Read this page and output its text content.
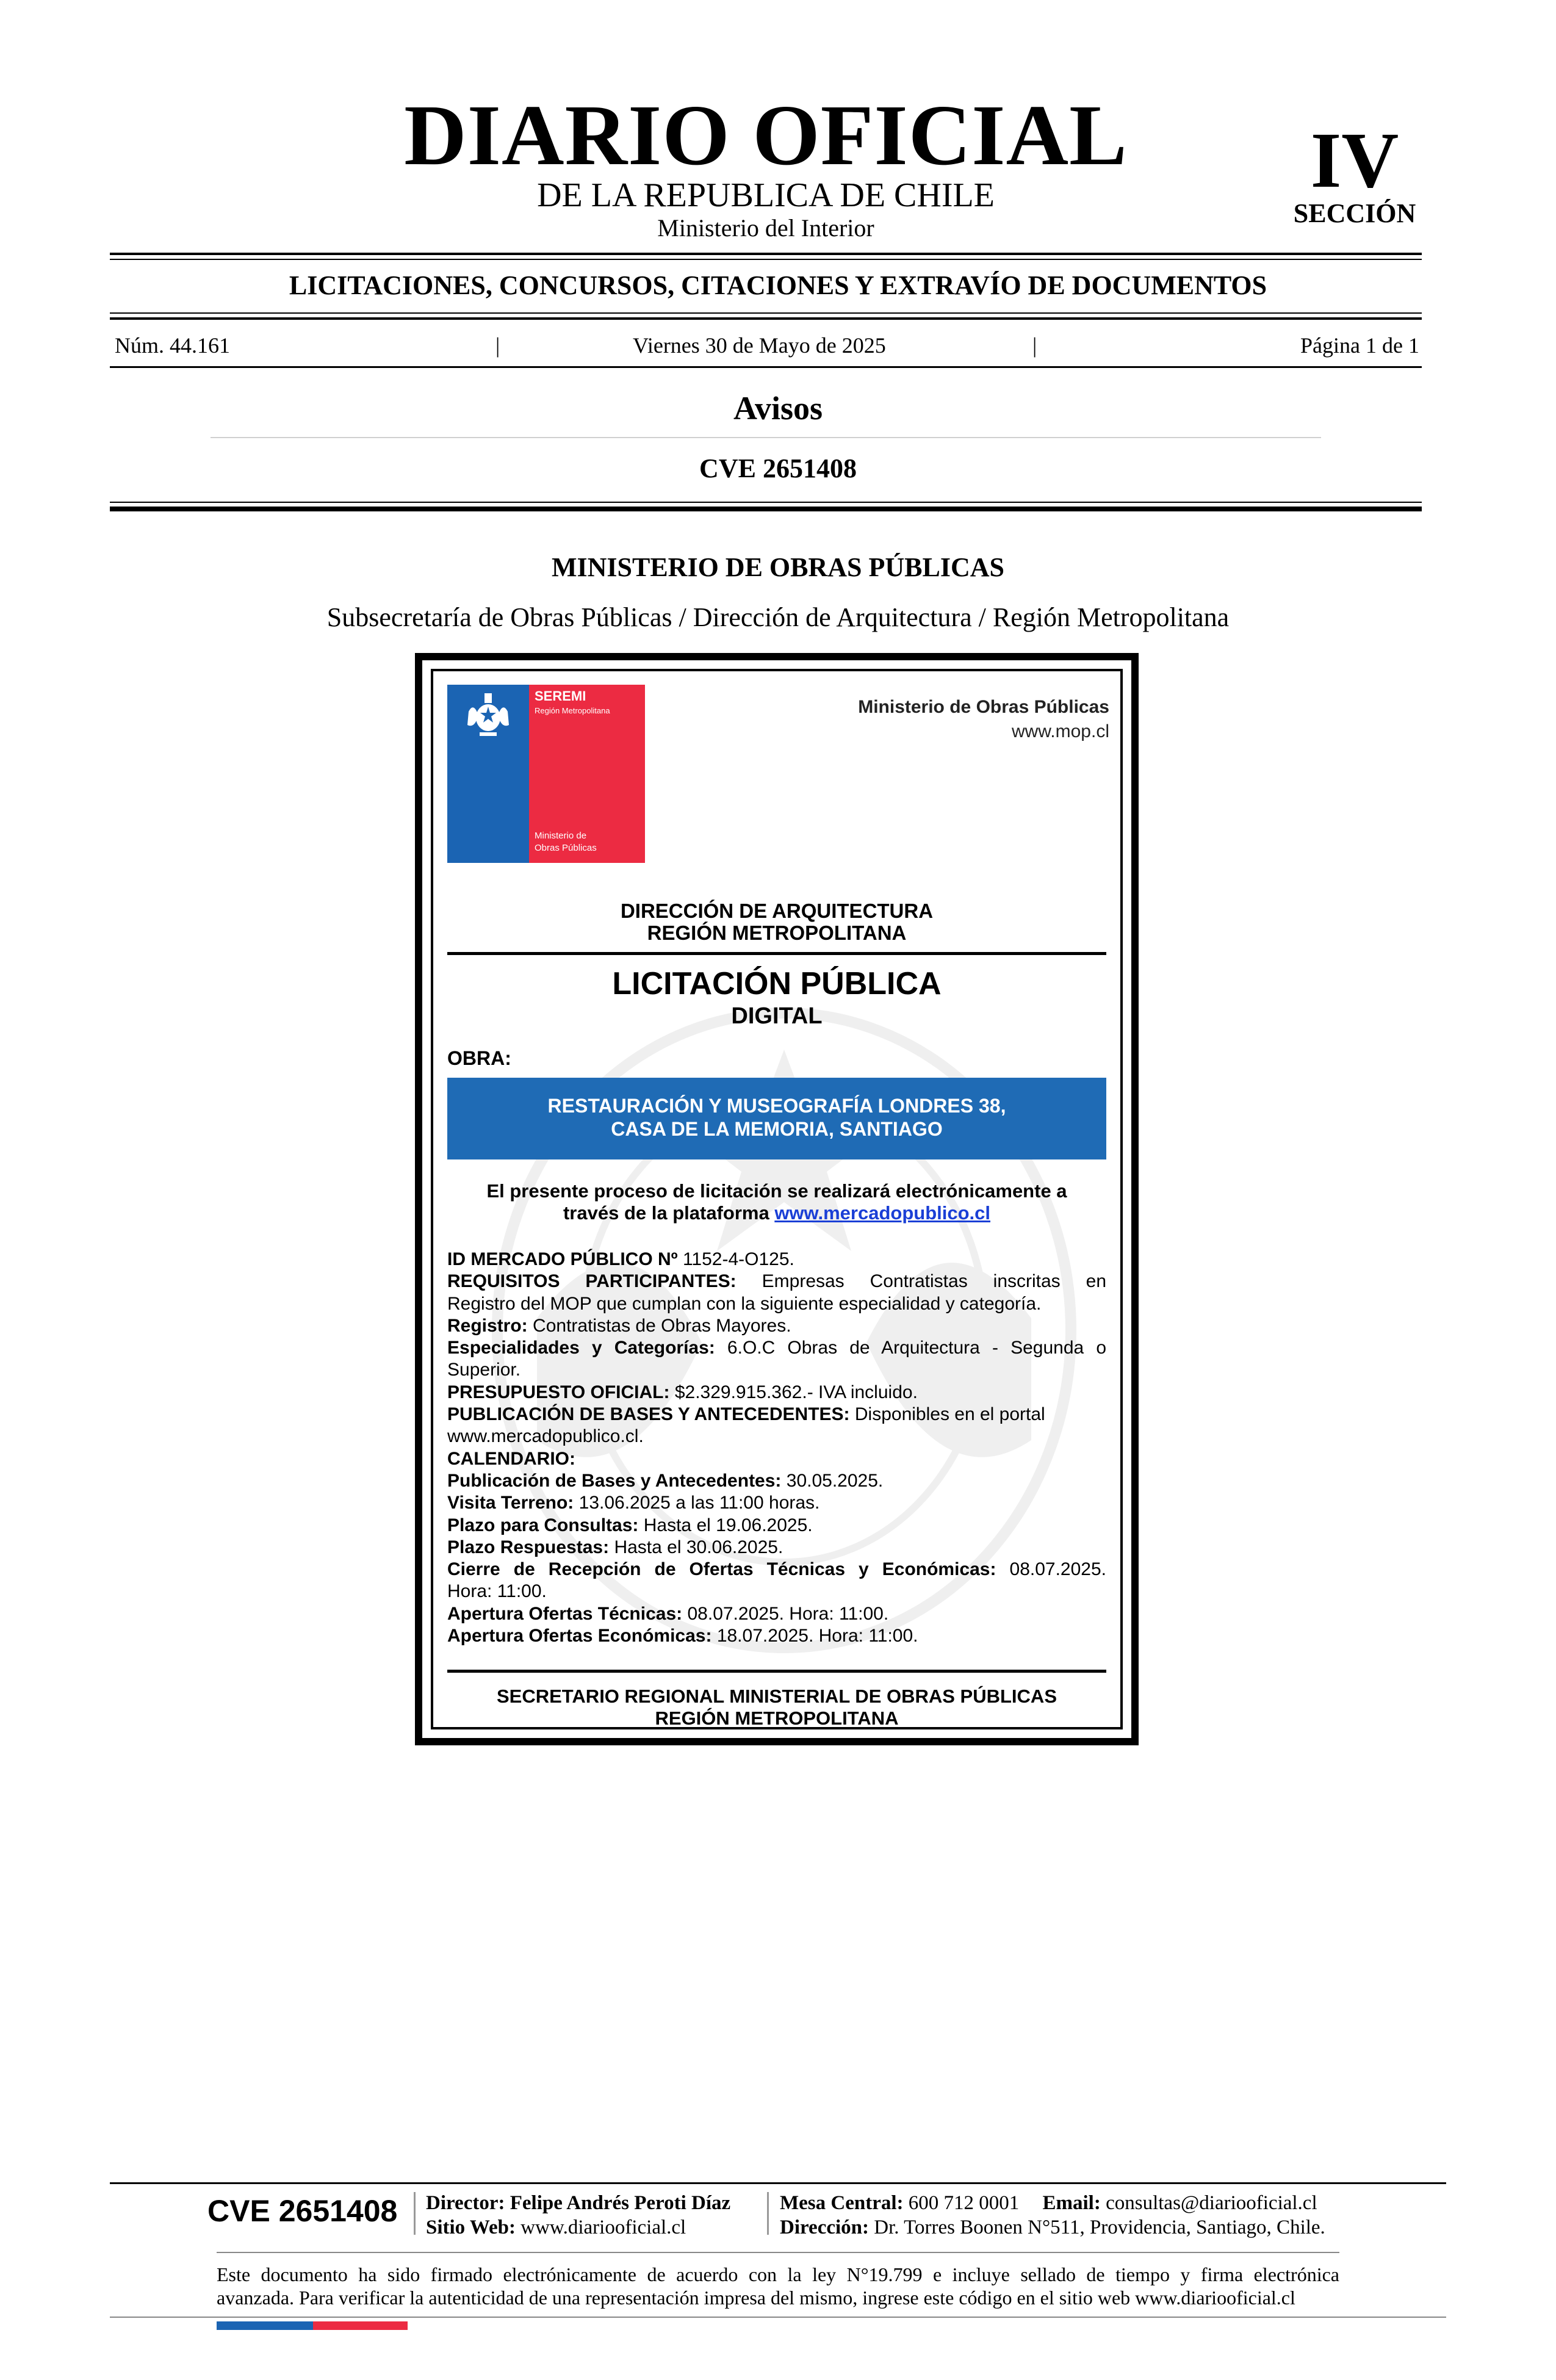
DIARIO OFICIAL
DE LA REPUBLICA DE CHILE
Ministerio del Interior
IV
SECCIÓN
LICITACIONES, CONCURSOS, CITACIONES Y EXTRAVÍO DE DOCUMENTOS
Núm. 44.161	|	Viernes 30 de Mayo de 2025	|	Página 1 de 1
Avisos
CVE 2651408
MINISTERIO DE OBRAS PÚBLICAS
Subsecretaría de Obras Públicas / Dirección de Arquitectura / Región Metropolitana
SEREMI
Región Metropolitana
Ministerio de
Obras Públicas
Ministerio de Obras Públicas
www.mop.cl
DIRECCIÓN DE ARQUITECTURA
REGIÓN METROPOLITANA
LICITACIÓN PÚBLICA
DIGITAL
OBRA:
RESTAURACIÓN Y MUSEOGRAFÍA LONDRES 38,
CASA DE LA MEMORIA, SANTIAGO
El presente proceso de licitación se realizará electrónicamente a
través de la plataforma www.mercadopublico.cl
ID MERCADO PÚBLICO Nº 1152-4-O125.
REQUISITOS PARTICIPANTES: Empresas Contratistas inscritas en
Registro del MOP que cumplan con la siguiente especialidad y categoría.
Registro: Contratistas de Obras Mayores.
Especialidades y Categorías: 6.O.C Obras de Arquitectura - Segunda o
Superior.
PRESUPUESTO OFICIAL: $2.329.915.362.- IVA incluido.
PUBLICACIÓN DE BASES Y ANTECEDENTES: Disponibles en el portal
www.mercadopublico.cl.
CALENDARIO:
Publicación de Bases y Antecedentes: 30.05.2025.
Visita Terreno: 13.06.2025 a las 11:00 horas.
Plazo para Consultas: Hasta el 19.06.2025.
Plazo Respuestas: Hasta el 30.06.2025.
Cierre de Recepción de Ofertas Técnicas y Económicas: 08.07.2025.
Hora: 11:00.
Apertura Ofertas Técnicas: 08.07.2025. Hora: 11:00.
Apertura Ofertas Económicas: 18.07.2025. Hora: 11:00.
SECRETARIO REGIONAL MINISTERIAL DE OBRAS PÚBLICAS
REGIÓN METROPOLITANA
CVE 2651408 Director: Felipe Andrés Peroti Díaz
Sitio Web: www.diariooficial.cl
Mesa Central: 600 712 0001 Email: consultas@diariooficial.cl
Dirección: Dr. Torres Boonen N°511, Providencia, Santiago, Chile.
Este documento ha sido firmado electrónicamente de acuerdo con la ley N°19.799 e incluye sellado de tiempo y firma electrónica
avanzada. Para verificar la autenticidad de una representación impresa del mismo, ingrese este código en el sitio web www.diariooficial.cl
